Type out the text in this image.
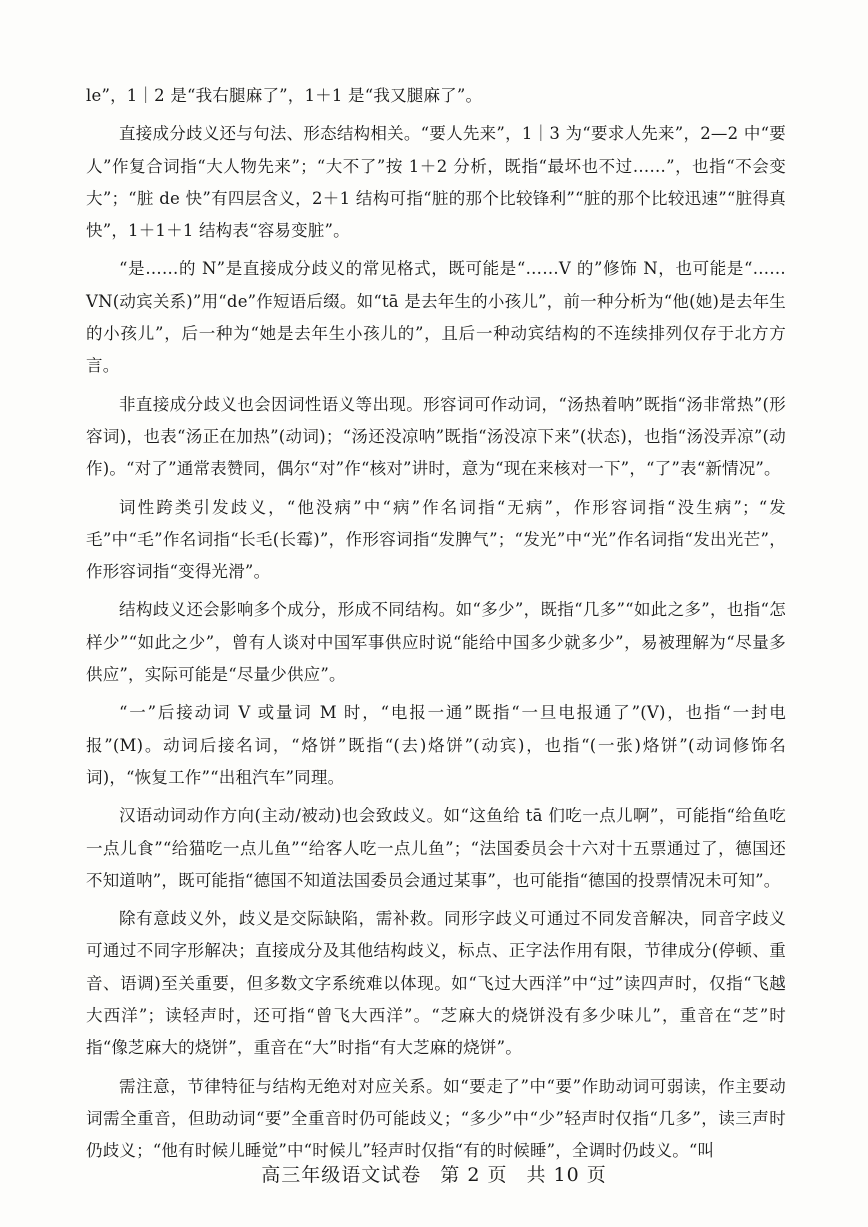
le”，1｜2 是“我右腿麻了”，1＋1 是“我又腿麻了”。

直接成分歧义还与句法、形态结构相关。“要人先来”，1｜3 为“要求人先来”，2—2 中“要人”作复合词指“大人物先来”；“大不了”按 1＋2 分析，既指“最坏也不过……”，也指“不会变大”；“脏 de 快”有四层含义，2＋1 结构可指“脏的那个比较锋利”“脏的那个比较迅速”“脏得真快”，1＋1＋1 结构表“容易变脏”。

“是……的 N”是直接成分歧义的常见格式，既可能是“……V 的”修饰 N，也可能是“……VN(动宾关系)”用“de”作短语后缀。如“tā 是去年生的小孩儿”，前一种分析为“他(她)是去年生的小孩儿”，后一种为“她是去年生小孩儿的”，且后一种动宾结构的不连续排列仅存于北方方言。

非直接成分歧义也会因词性语义等出现。形容词可作动词，“汤热着呐”既指“汤非常热”(形容词)，也表“汤正在加热”(动词)；“汤还没凉呐”既指“汤没凉下来”(状态)，也指“汤没弄凉”(动作)。“对了”通常表赞同，偶尔“对”作“核对”讲时，意为“现在来核对一下”，“了”表“新情况”。

词性跨类引发歧义，“他没病”中“病”作名词指“无病”，作形容词指“没生病”；“发毛”中“毛”作名词指“长毛(长霉)”，作形容词指“发脾气”；“发光”中“光”作名词指“发出光芒”，作形容词指“变得光滑”。

结构歧义还会影响多个成分，形成不同结构。如“多少”，既指“几多”“如此之多”，也指“怎样少”“如此之少”，曾有人谈对中国军事供应时说“能给中国多少就多少”，易被理解为“尽量多供应”，实际可能是“尽量少供应”。

“一”后接动词 V 或量词 M 时，“电报一通”既指“一旦电报通了”(V)，也指“一封电报”(M)。动词后接名词，“烙饼”既指“(去)烙饼”(动宾)，也指“(一张)烙饼”(动词修饰名词)，“恢复工作”“出租汽车”同理。

汉语动词动作方向(主动/被动)也会致歧义。如“这鱼给 tā 们吃一点儿啊”，可能指“给鱼吃一点儿食”“给猫吃一点儿鱼”“给客人吃一点儿鱼”；“法国委员会十六对十五票通过了，德国还不知道呐”，既可能指“德国不知道法国委员会通过某事”，也可能指“德国的投票情况未可知”。

除有意歧义外，歧义是交际缺陷，需补救。同形字歧义可通过不同发音解决，同音字歧义可通过不同字形解决；直接成分及其他结构歧义，标点、正字法作用有限，节律成分(停顿、重音、语调)至关重要，但多数文字系统难以体现。如“飞过大西洋”中“过”读四声时，仅指“飞越大西洋”；读轻声时，还可指“曾飞大西洋”。“芝麻大的烧饼没有多少味儿”，重音在“芝”时指“像芝麻大的烧饼”，重音在“大”时指“有大芝麻的烧饼”。

需注意，节律特征与结构无绝对对应关系。如“要走了”中“要”作助动词可弱读，作主要动词需全重音，但助动词“要”全重音时仍可能歧义；“多少”中“少”轻声时仅指“几多”，读三声时仍歧义；“他有时候儿睡觉”中“时候儿”轻声时仅指“有的时候睡”，全调时仍歧义。“叫

高三年级语文试卷 第 2 页 共 10 页
